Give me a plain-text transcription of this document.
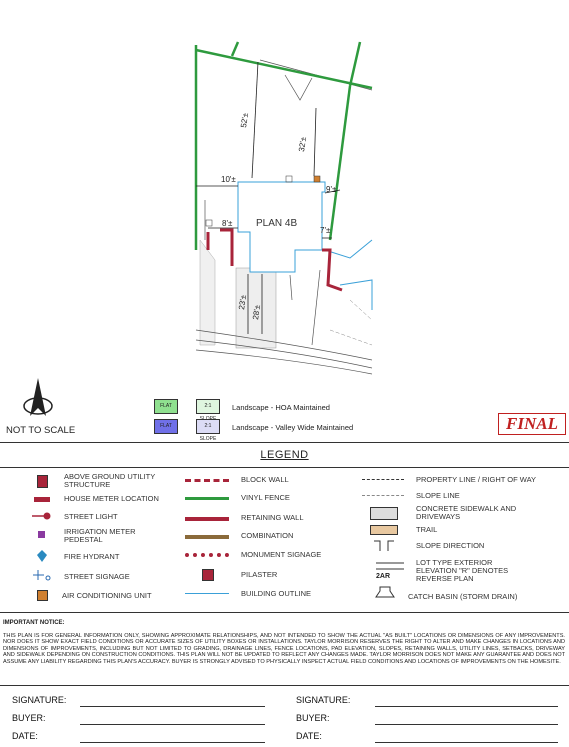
52'±
32'±
10'±
9'±
8'±
7'±
23'±
28'±
PLAN 4B
NOT TO SCALE
FLAT	2:1	Landscape - HOA Maintained
FLAT	2:1 SLOPE
Landscape - Valley Wide Maintained	FINAL
LEGEND
ABOVE GROUND UTILITY STRUCTURE
HOUSE METER LOCATION
STREET LIGHT
IRRIGATION METER PEDESTAL
FIRE HYDRANT
STREET SIGNAGE
AIR CONDITIONING UNIT
BLOCK WALL
VINYL FENCE
RETAINING WALL
COMBINATION
MONUMENT SIGNAGE
PILASTER
BUILDING OUTLINE
PROPERTY LINE / RIGHT OF WAY
SLOPE LINE
CONCRETE SIDEWALK AND DRIVEWAYS
TRAIL
SLOPE DIRECTION
2AR
LOT TYPE EXTERIOR ELEVATION "R" DENOTES REVERSE PLAN
CATCH BASIN (STORM DRAIN)
IMPORTANT NOTICE:
THIS PLAN IS FOR GENERAL INFORMATION ONLY, SHOWING APPROXIMATE RELATIONSHIPS, AND NOT INTENDED TO SHOW THE ACTUAL "AS BUILT" LOCATIONS OR DIMENSIONS OF ANY IMPROVEMENTS. NOR DOES IT SHOW EXACT FIELD CONDITIONS OR ACCURATE SIZES OF UTILITY BOXES OR INSTALLATIONS. TAYLOR MORRISON RESERVES THE RIGHT TO ALTER AND MAKE CHANGES IN LOCATIONS AND DIMENSIONS OF IMPROVEMENTS, INCLUDING BUT NOT LIMITED TO GRADING, DRAINAGE LINES, FENCE LOCATIONS, PAD ELEVATION, SLOPES, RETAINING WALLS, UTILITY LINES, SETBACKS, DRIVEWAY AND SIDEWALK DEPENDING ON CONSTRUCTION CONDITIONS. THIS PLAN WILL NOT BE UPDATED TO REFLECT ANY CHANGES MADE. TAYLOR MORRISON DOES NOT MAKE ANY GUARANTEE AND DOES NOT ASSUME ANY LIABILITY REGARDING THIS PLAN'S ACCURACY. BUYER IS STRONGLY ADVISED TO PHYSICALLY INSPECT ACTUAL FIELD CONDITIONS AND LOCATIONS OF IMPROVEMENTS ON THE HOMESITE.
SIGNATURE:
BUYER:
DATE:
SIGNATURE:
BUYER:
DATE:
